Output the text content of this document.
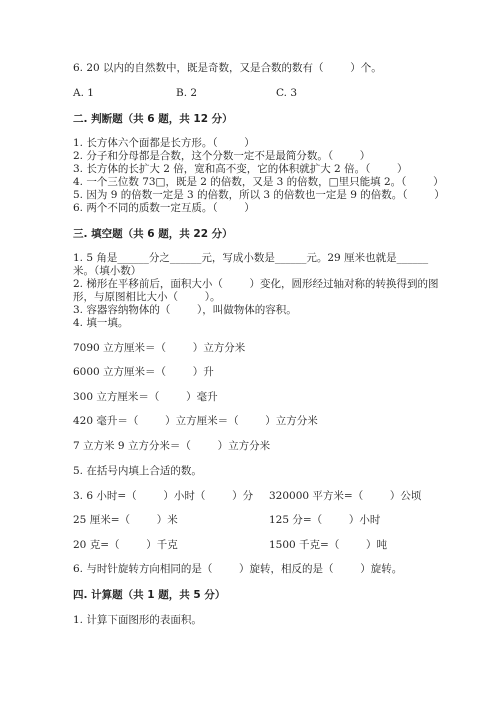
6. 20 以内的自然数中，既是奇数，又是合数的数有（        ）个。
A. 1	B. 2	C. 3
二. 判断题（共 6 题，共 12 分）
1. 长方体六个面都是长方形。（        ）
2. 分子和分母都是合数，这个分数一定不是最简分数。（        ）
3. 长方体的长扩大 2 倍，宽和高不变，它的体积就扩大 2 倍。（        ）
4. 一个三位数 73□，既是 2 的倍数，又是 3 的倍数，□里只能填 2。（        ）
5. 因为 9 的倍数一定是 3 的倍数，所以 3 的倍数也一定是 9 的倍数。（        ）
6. 两个不同的质数一定互质。（        ）
三. 填空题（共 6 题，共 22 分）
1. 5 角是______分之______元，写成小数是______元。29 厘米也就是______
米。（填小数）
2. 梯形在平移前后，面积大小（        ）变化，圆形经过轴对称的转换得到的图
形，与原图相比大小（        ）。
3. 容器容纳物体的（        ），叫做物体的容积。
4. 填一填。
7090 立方厘米＝（        ）立方分米
6000 立方厘米＝（        ）升
300 立方厘米＝（        ）毫升
420 毫升＝（        ）立方厘米＝（        ）立方分米
7 立方米 9 立方分米＝（        ）立方分米
5. 在括号内填上合适的数。
3. 6 小时=（        ）小时（        ）分 320000 平方米=（        ）公顷
25 厘米=（        ）米	125 分=（        ）小时
20 克=（        ）千克	1500 千克=（        ）吨
6. 与时针旋转方向相同的是（        ）旋转，相反的是（        ）旋转。
四. 计算题（共 1 题，共 5 分）
1. 计算下面图形的表面积。
